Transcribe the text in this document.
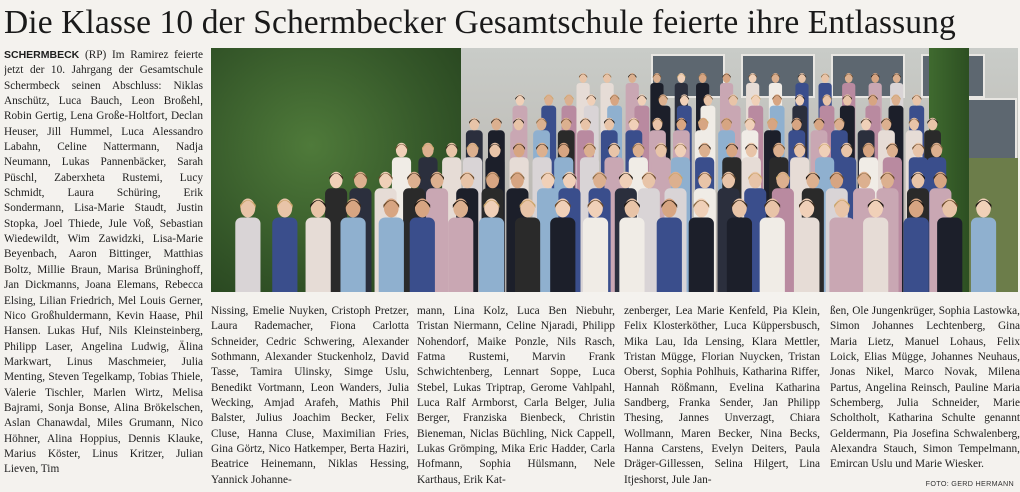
Die Klasse 10 der Schermbecker Gesamtschule feierte ihre Entlassung

SCHERMBECK (RP) Im Ramirez feierte jetzt der 10. Jahrgang der Gesamtschule Schermbeck seinen Abschluss: Niklas Anschütz, Luca Bauch, Leon Broßehl, Robin Gertig, Lena Große-Holtfort, Declan Heuser, Jill Hummel, Luca Alessandro Labahn, Celine Nattermann, Nadja Neumann, Lukas Pannenbäcker, Sarah Püschl, Zaberxheta Rustemi, Lucy Schmidt, Laura Schüring, Erik Sondermann, Lisa-Marie Staudt, Justin Stopka, Joel Thiede, Jule Voß, Sebastian Wiedewildt, Wim Zawidzki, Lisa-Marie Beyenbach, Aaron Bittinger, Matthias Boltz, Millie Braun, Marisa Brüninghoff, Jan Dickmanns, Joana Elemans, Rebecca Elsing, Lilian Friedrich, Mel Louis Gerner, Nico Großhuldermann, Kevin Haase, Phil Hansen. Lukas Huf, Nils Kleinsteinberg, Philipp Laser, Angelina Ludwig, Älina Markwart, Linus Maschmeier, Julia Menting, Steven Tegelkamp, Tobias Thiele, Valerie Tischler, Marlen Wirtz, Melisa Bajrami, Sonja Bonse, Alina Brökelschen, Aslan Chanawdal, Miles Grumann, Nico Höhner, Alina Hoppius, Dennis Klauke, Marius Köster, Linus Kritzer, Julian Lieven, Tim

Nissing, Emelie Nuyken, Cristoph Pretzer, Laura Rademacher, Fiona Carlotta Schneider, Cedric Schwering, Alexander Sothmann, Alexander Stuckenholz, David Tasse, Tamira Ulinsky, Simge Uslu, Benedikt Vortmann, Leon Wanders, Julia Wecking, Amjad Arafeh, Mathis Phil Balster, Julius Joachim Becker, Felix Cluse, Hanna Cluse, Maximilian Fries, Gina Görtz, Nico Hatkemper, Berta Haziri, Beatrice Heinemann, Niklas Hessing, Yannick Johanne-

mann, Lina Kolz, Luca Ben Niebuhr, Tristan Niermann, Celine Njaradi, Philipp Nohendorf, Maike Ponzle, Nils Rasch, Fatma Rustemi, Marvin Frank Schwichtenberg, Lennart Soppe, Luca Stebel, Lukas Triptrap, Gerome Vahlpahl, Luca Ralf Armborst, Carla Belger, Julia Berger, Franziska Bienbeck, Christin Bieneman, Niclas Büchling, Nick Cappell, Lukas Grömping, Mika Eric Hadder, Carla Hofmann, Sophia Hülsmann, Nele Karthaus, Erik Kat-

zenberger, Lea Marie Kenfeld, Pia Klein, Felix Klosterköther, Luca Küppersbusch, Mika Lau, Ida Lensing, Klara Mettler, Tristan Mügge, Florian Nuycken, Tristan Oberst, Sophia Pohlhuis, Katharina Riffer, Hannah Rößmann, Evelina Katharina Sandberg, Franka Sender, Jan Philipp Thesing, Jannes Unverzagt, Chiara Wollmann, Maren Becker, Nina Becks, Hanna Carstens, Evelyn Deiters, Paula Dräger-Gillessen, Selina Hilgert, Lina Itjeshorst, Jule Jan-

ßen, Ole Jungenkrüger, Sophia Lastowka, Simon Johannes Lechtenberg, Gina Maria Lietz, Manuel Lohaus, Felix Loick, Elias Mügge, Johannes Neuhaus, Jonas Nikel, Marco Novak, Milena Partus, Angelina Reinsch, Pauline Maria Schemberg, Julia Schneider, Marie Scholtholt, Katharina Schulte genannt Geldermann, Pia Josefina Schwalenberg, Alexandra Stauch, Simon Tempelmann, Emircan Uslu und Marie Wiesker.

FOTO: GERD HERMANN
